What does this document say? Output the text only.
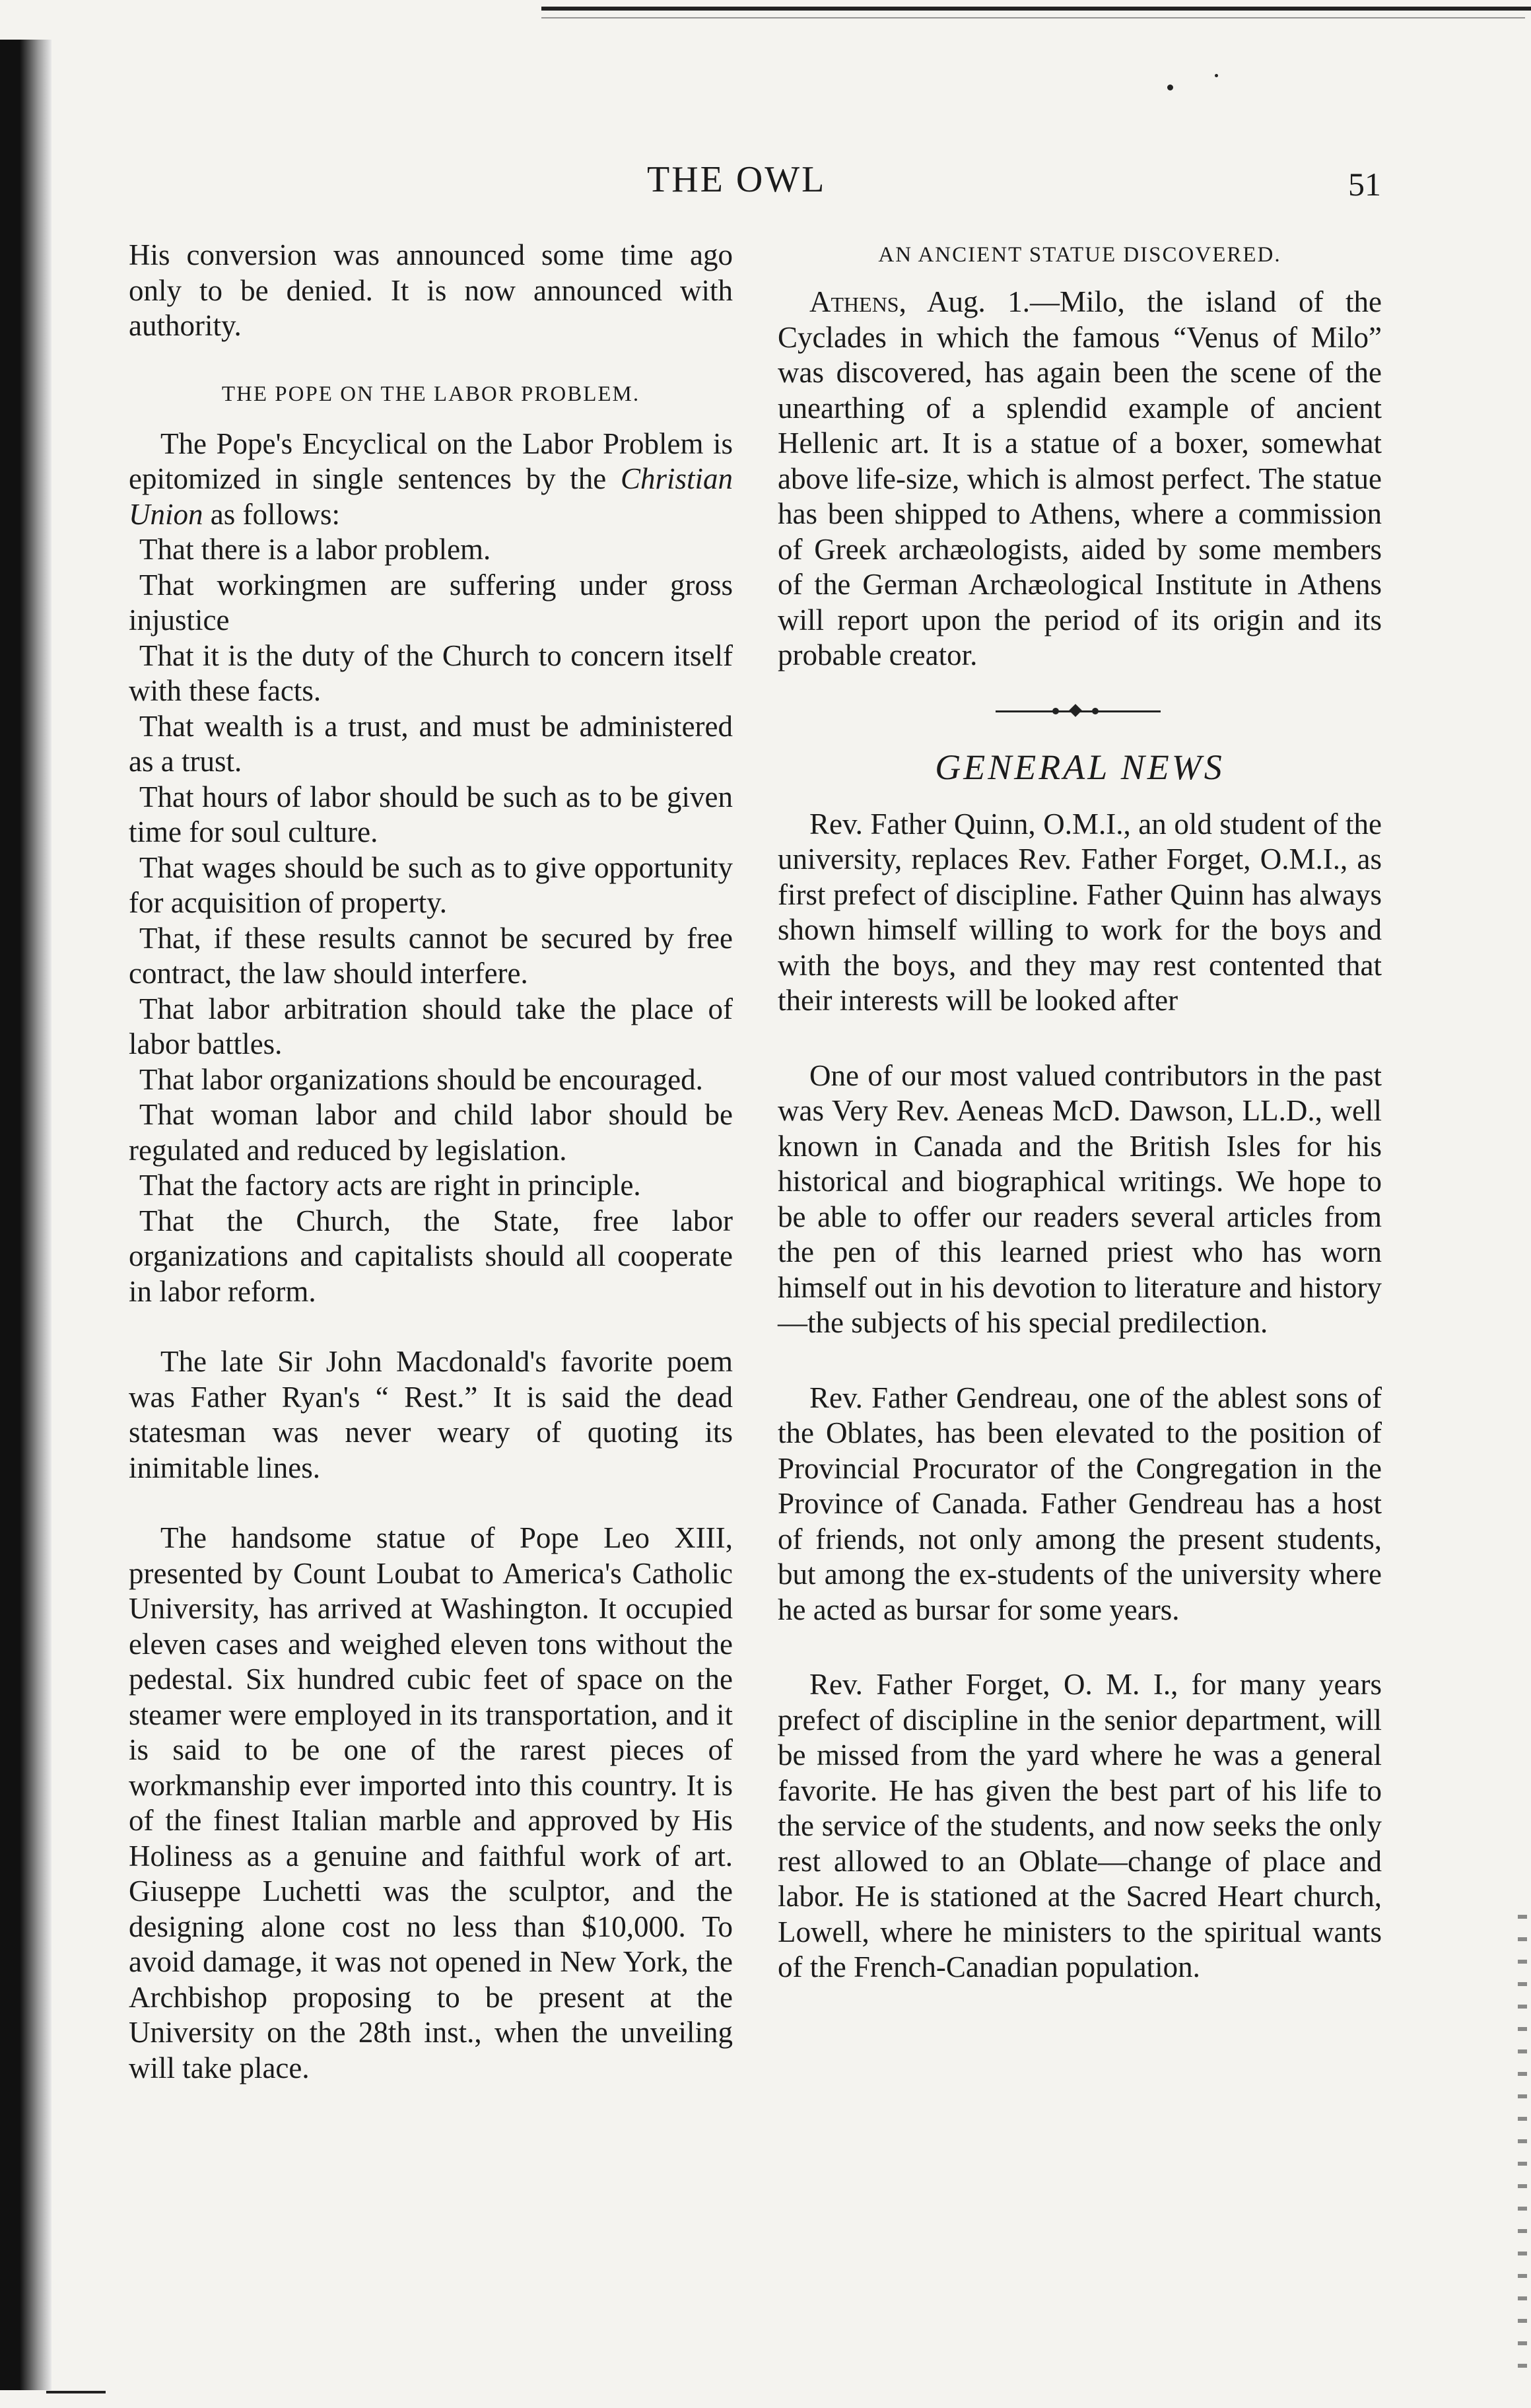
THE OWL	51

His conversion was announced some time ago only to be denied. It is now announced with authority.

THE POPE ON THE LABOR PROBLEM.

The Pope's Encyclical on the Labor Problem is epitomized in single sentences by the Christian Union as follows:

That there is a labor problem.

That workingmen are suffering under gross injustice

That it is the duty of the Church to concern itself with these facts.

That wealth is a trust, and must be administered as a trust.

That hours of labor should be such as to be given time for soul culture.

That wages should be such as to give opportunity for acquisition of property.

That, if these results cannot be secured by free contract, the law should interfere.

That labor arbitration should take the place of labor battles.

That labor organizations should be encouraged.

That woman labor and child labor should be regulated and reduced by legislation.

That the factory acts are right in principle.

That the Church, the State, free labor organizations and capitalists should all cooperate in labor reform.

The late Sir John Macdonald's favorite poem was Father Ryan's “ Rest.” It is said the dead statesman was never weary of quoting its inimitable lines.

The handsome statue of Pope Leo XIII, presented by Count Loubat to America's Catholic University, has arrived at Washington. It occupied eleven cases and weighed eleven tons without the pedestal. Six hundred cubic feet of space on the steamer were employed in its transportation, and it is said to be one of the rarest pieces of workmanship ever imported into this country. It is of the finest Italian marble and approved by His Holiness as a genuine and faithful work of art. Giuseppe Luchetti was the sculptor, and the designing alone cost no less than $10,000. To avoid damage, it was not opened in New York, the Archbishop proposing to be present at the University on the 28th inst., when the unveiling will take place.

AN ANCIENT STATUE DISCOVERED.

Athens, Aug. 1.—Milo, the island of the Cyclades in which the famous “Venus of Milo” was discovered, has again been the scene of the unearthing of a splendid example of ancient Hellenic art. It is a statue of a boxer, somewhat above life-size, which is almost perfect. The statue has been shipped to Athens, where a commission of Greek archæologists, aided by some members of the German Archæological Institute in Athens will report upon the period of its origin and its probable creator.

GENERAL NEWS

Rev. Father Quinn, O.M.I., an old student of the university, replaces Rev. Father Forget, O.M.I., as first prefect of discipline. Father Quinn has always shown himself willing to work for the boys and with the boys, and they may rest contented that their interests will be looked after

One of our most valued contributors in the past was Very Rev. Aeneas McD. Dawson, LL.D., well known in Canada and the British Isles for his historical and biographical writings. We hope to be able to offer our readers several articles from the pen of this learned priest who has worn himself out in his devotion to literature and history—the subjects of his special predilection.

Rev. Father Gendreau, one of the ablest sons of the Oblates, has been elevated to the position of Provincial Procurator of the Congregation in the Province of Canada. Father Gendreau has a host of friends, not only among the present students, but among the ex-students of the university where he acted as bursar for some years.

Rev. Father Forget, O. M. I., for many years prefect of discipline in the senior department, will be missed from the yard where he was a general favorite. He has given the best part of his life to the service of the students, and now seeks the only rest allowed to an Oblate—change of place and labor. He is stationed at the Sacred Heart church, Lowell, where he ministers to the spiritual wants of the French-Canadian population.
